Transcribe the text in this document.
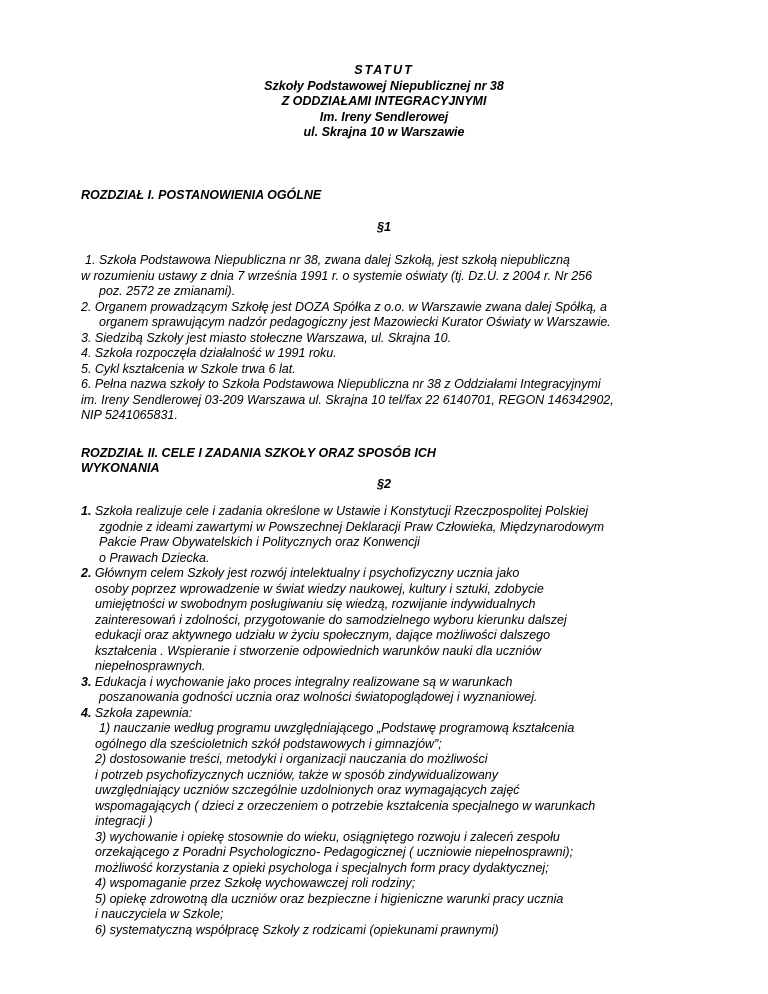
STATUT
Szkoły Podstawowej Niepublicznej nr 38
Z ODDZIAŁAMI INTEGRACYJNYMI
Im. Ireny Sendlerowej
ul. Skrajna 10 w Warszawie
ROZDZIAŁ I. POSTANOWIENIA OGÓLNE
§1
1. Szkoła Podstawowa Niepubliczna nr 38, zwana dalej Szkołą, jest szkołą niepubliczną
w rozumieniu ustawy z dnia 7 września 1991 r. o systemie oświaty (tj. Dz.U. z 2004 r. Nr 256
poz. 2572 ze zmianami).
2. Organem prowadzącym Szkołę jest DOZA Spółka z o.o. w Warszawie zwana dalej Spółką, a
organem sprawującym nadzór pedagogiczny jest Mazowiecki Kurator Oświaty w Warszawie.
3. Siedzibą Szkoły jest miasto stołeczne Warszawa, ul. Skrajna 10.
4. Szkoła rozpoczęła działalność w 1991 roku.
5. Cykl kształcenia w Szkole trwa 6 lat.
6. Pełna nazwa szkoły to Szkoła Podstawowa Niepubliczna nr 38 z Oddziałami Integracyjnymi
im. Ireny Sendlerowej 03-209 Warszawa ul. Skrajna 10 tel/fax 22 6140701, REGON 146342902,
NIP 5241065831.
ROZDZIAŁ II. CELE I ZADANIA SZKOŁY ORAZ SPOSÓB ICH
WYKONANIA
§2
1. Szkoła realizuje cele i zadania określone w Ustawie i Konstytucji Rzeczpospolitej Polskiej
zgodnie z ideami zawartymi w Powszechnej Deklaracji Praw Człowieka, Międzynarodowym
Pakcie Praw Obywatelskich i Politycznych oraz Konwencji
o Prawach Dziecka.
2. Głównym celem Szkoły jest rozwój intelektualny i psychofizyczny ucznia jako
osoby poprzez wprowadzenie w świat wiedzy naukowej, kultury i sztuki, zdobycie
umiejętności w swobodnym posługiwaniu się wiedzą, rozwijanie indywidualnych
zainteresowań i zdolności, przygotowanie do samodzielnego wyboru kierunku dalszej
edukacji oraz aktywnego udziału w życiu społecznym, dające możliwości dalszego
kształcenia . Wspieranie i stworzenie odpowiednich warunków nauki dla uczniów
niepełnosprawnych.
3. Edukacja i wychowanie jako proces integralny realizowane są w warunkach
poszanowania godności ucznia oraz wolności światopoglądowej i wyznaniowej.
4. Szkoła zapewnia:
1) nauczanie według programu uwzględniającego „Podstawę programową kształcenia
ogólnego dla sześcioletnich szkół podstawowych i gimnazjów”;
2) dostosowanie treści, metodyki i organizacji nauczania do możliwości
i potrzeb psychofizycznych uczniów, także w sposób zindywidualizowany
uwzględniający uczniów szczególnie uzdolnionych oraz wymagających zajęć
wspomagających ( dzieci z orzeczeniem o potrzebie kształcenia specjalnego w warunkach
integracji )
3) wychowanie i opiekę stosownie do wieku, osiągniętego rozwoju i zaleceń zespołu
orzekającego z Poradni Psychologiczno- Pedagogicznej ( uczniowie niepełnosprawni);
możliwość korzystania z opieki psychologa i specjalnych form pracy dydaktycznej;
4) wspomaganie przez Szkołę wychowawczej roli rodziny;
5) opiekę zdrowotną dla uczniów oraz bezpieczne i higieniczne warunki pracy ucznia
i nauczyciela w Szkole;
6) systematyczną współpracę Szkoły z rodzicami (opiekunami prawnymi)
